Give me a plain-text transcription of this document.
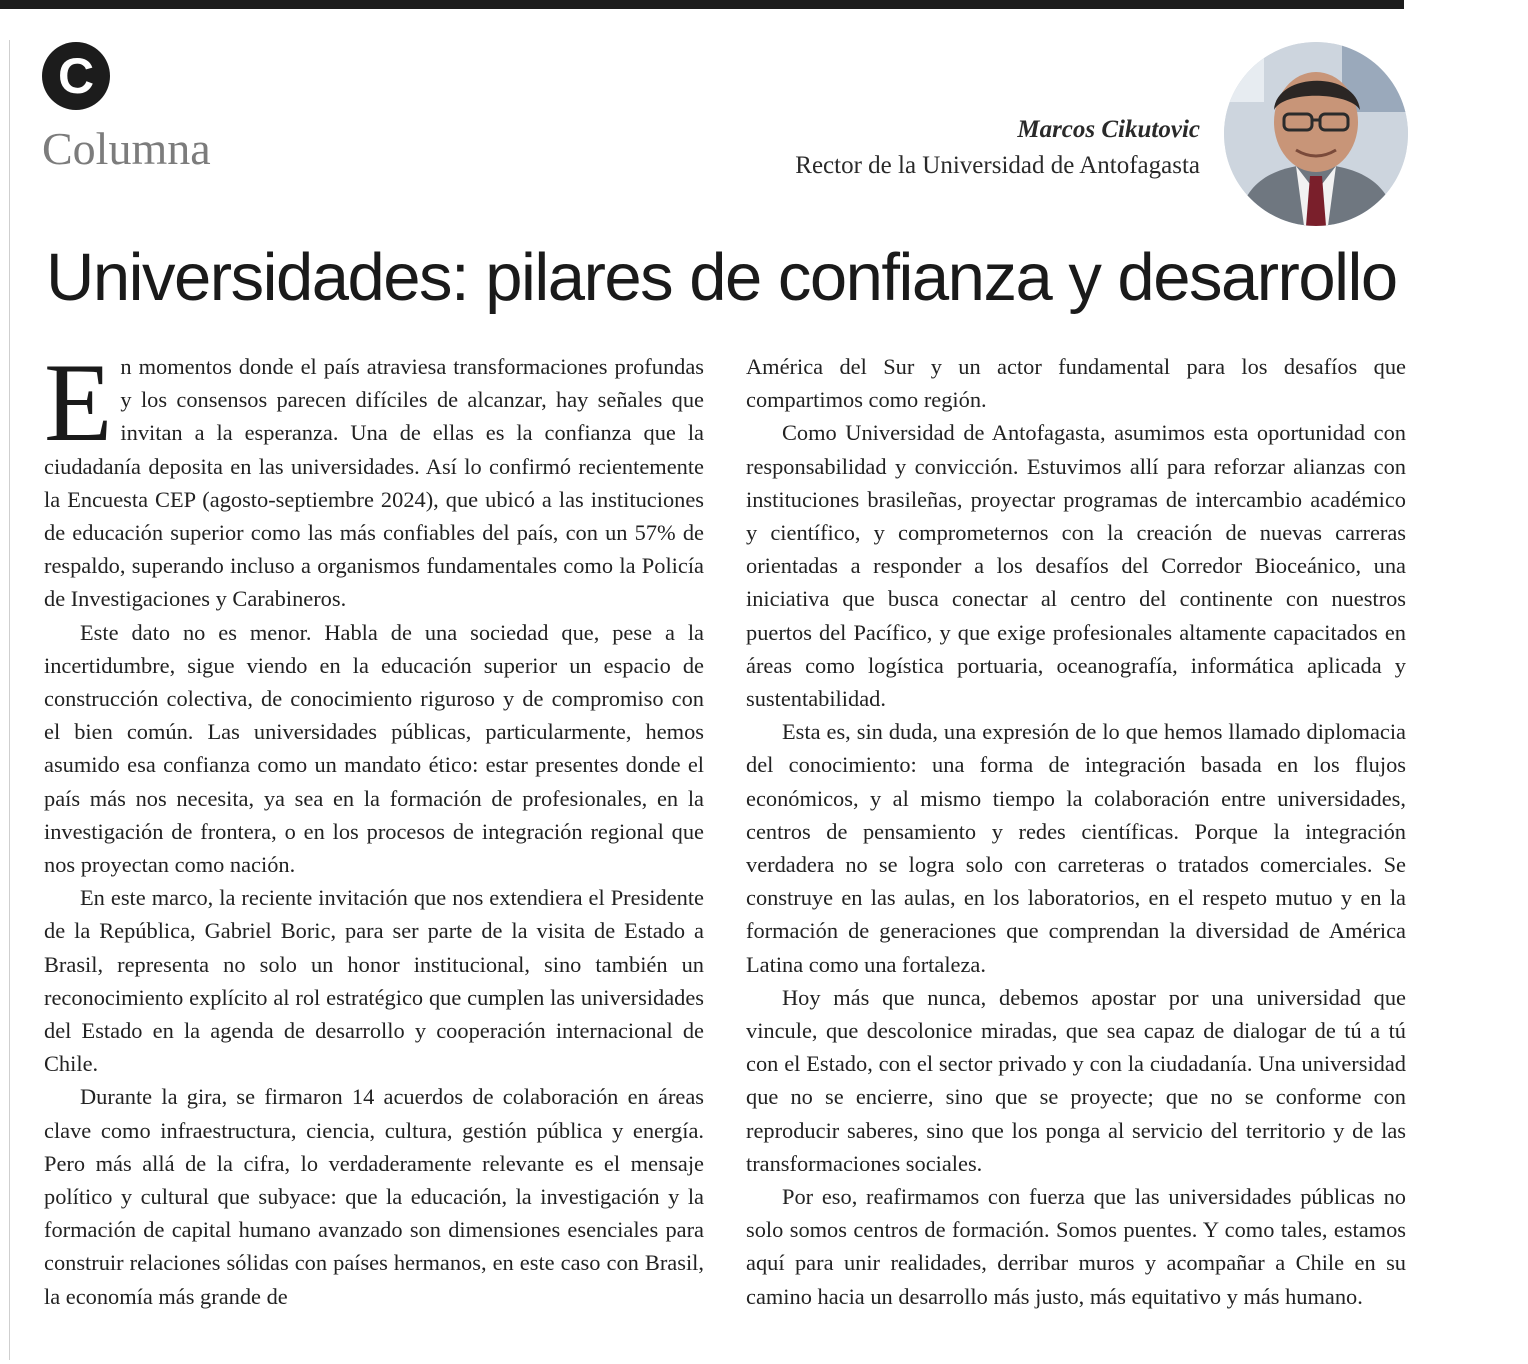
C
Columna	Marcos Cikutovic
Rector de la Universidad de Antofagasta
Universidades: pilares de confianza y desarrollo

En momentos donde el país atraviesa transformaciones profundas y los consensos parecen difíciles de alcanzar, hay señales que invitan a la esperanza. Una de ellas es la confianza que la ciudadanía deposita en las universidades. Así lo confirmó recientemente la Encuesta CEP (agosto-septiembre 2024), que ubicó a las instituciones de educación superior como las más confiables del país, con un 57% de respaldo, superando incluso a organismos fundamentales como la Policía de Investigaciones y Carabineros.

Este dato no es menor. Habla de una sociedad que, pese a la incertidumbre, sigue viendo en la educación superior un espacio de construcción colectiva, de conocimiento riguroso y de compromiso con el bien común. Las universidades públicas, particularmente, hemos asumido esa confianza como un mandato ético: estar presentes donde el país más nos necesita, ya sea en la formación de profesionales, en la investigación de frontera, o en los procesos de integración regional que nos proyectan como nación.

En este marco, la reciente invitación que nos extendiera el Presidente de la República, Gabriel Boric, para ser parte de la visita de Estado a Brasil, representa no solo un honor institucional, sino también un reconocimiento explícito al rol estratégico que cumplen las universidades del Estado en la agenda de desarrollo y cooperación internacional de Chile.

Durante la gira, se firmaron 14 acuerdos de colaboración en áreas clave como infraestructura, ciencia, cultura, gestión pública y energía. Pero más allá de la cifra, lo verdaderamente relevante es el mensaje político y cultural que subyace: que la educación, la investigación y la formación de capital humano avanzado son dimensiones esenciales para construir relaciones sólidas con países hermanos, en este caso con Brasil, la economía más grande de

América del Sur y un actor fundamental para los desafíos que compartimos como región.

Como Universidad de Antofagasta, asumimos esta oportunidad con responsabilidad y convicción. Estuvimos allí para reforzar alianzas con instituciones brasileñas, proyectar programas de intercambio académico y científico, y comprometernos con la creación de nuevas carreras orientadas a responder a los desafíos del Corredor Bioceánico, una iniciativa que busca conectar al centro del continente con nuestros puertos del Pacífico, y que exige profesionales altamente capacitados en áreas como logística portuaria, oceanografía, informática aplicada y sustentabilidad.

Esta es, sin duda, una expresión de lo que hemos llamado diplomacia del conocimiento: una forma de integración basada en los flujos económicos, y al mismo tiempo la colaboración entre universidades, centros de pensamiento y redes científicas. Porque la integración verdadera no se logra solo con carreteras o tratados comerciales. Se construye en las aulas, en los laboratorios, en el respeto mutuo y en la formación de generaciones que comprendan la diversidad de América Latina como una fortaleza.

Hoy más que nunca, debemos apostar por una universidad que vincule, que descolonice miradas, que sea capaz de dialogar de tú a tú con el Estado, con el sector privado y con la ciudadanía. Una universidad que no se encierre, sino que se proyecte; que no se conforme con reproducir saberes, sino que los ponga al servicio del territorio y de las transformaciones sociales.

Por eso, reafirmamos con fuerza que las universidades públicas no solo somos centros de formación. Somos puentes. Y como tales, estamos aquí para unir realidades, derribar muros y acompañar a Chile en su camino hacia un desarrollo más justo, más equitativo y más humano.
